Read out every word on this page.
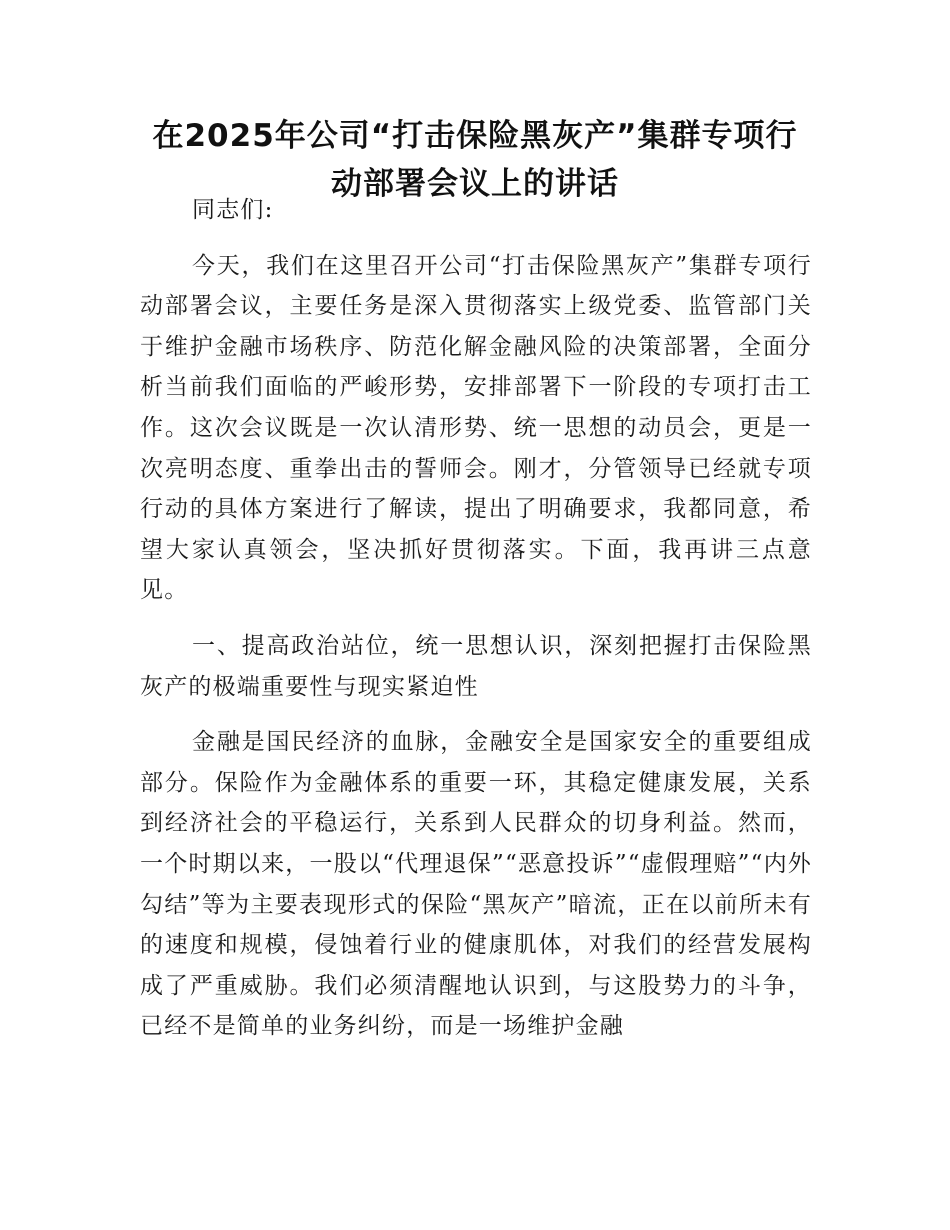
在2025年公司“打击保险黑灰产”集群专项行动部署会议上的讲话

同志们:

今天，我们在这里召开公司“打击保险黑灰产”集群专项行动部署会议，主要任务是深入贯彻落实上级党委、监管部门关于维护金融市场秩序、防范化解金融风险的决策部署，全面分析当前我们面临的严峻形势，安排部署下一阶段的专项打击工作。这次会议既是一次认清形势、统一思想的动员会，更是一次亮明态度、重拳出击的誓师会。刚才，分管领导已经就专项行动的具体方案进行了解读，提出了明确要求，我都同意，希望大家认真领会，坚决抓好贯彻落实。下面，我再讲三点意见。

一、提高政治站位，统一思想认识，深刻把握打击保险黑灰产的极端重要性与现实紧迫性

金融是国民经济的血脉，金融安全是国家安全的重要组成部分。保险作为金融体系的重要一环，其稳定健康发展，关系到经济社会的平稳运行，关系到人民群众的切身利益。然而，一个时期以来，一股以“代理退保”“恶意投诉”“虚假理赔”“内外勾结”等为主要表现形式的保险“黑灰产”暗流，正在以前所未有的速度和规模，侵蚀着行业的健康肌体，对我们的经营发展构成了严重威胁。我们必须清醒地认识到，与这股势力的斗争，已经不是简单的业务纠纷，而是一场维护金融
